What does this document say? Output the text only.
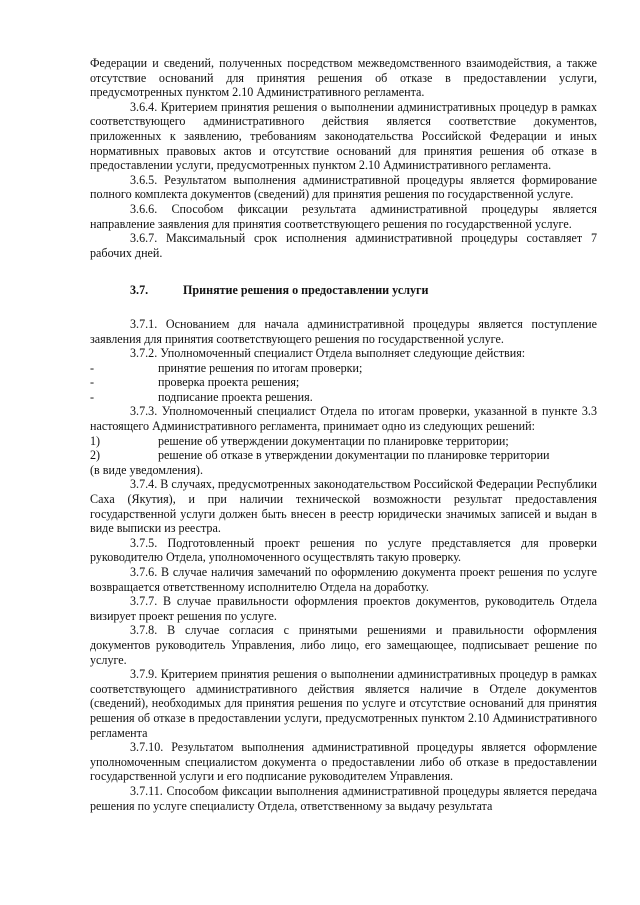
Федерации и сведений, полученных посредством межведомственного взаимодействия, а также отсутствие оснований для принятия решения об отказе в предоставлении услуги, предусмотренных пунктом 2.10 Административного регламента.

3.6.4. Критерием принятия решения о выполнении административных процедур в рамках соответствующего административного действия является соответствие документов, приложенных к заявлению, требованиям законодательства Российской Федерации и иных нормативных правовых актов и отсутствие оснований для принятия решения об отказе в предоставлении услуги, предусмотренных пунктом 2.10 Административного регламента.

3.6.5. Результатом выполнения административной процедуры является формирование полного комплекта документов (сведений) для принятия решения по государственной услуге.

3.6.6. Способом фиксации результата административной процедуры является направление заявления для принятия соответствующего решения по государственной услуге.

3.6.7. Максимальный срок исполнения административной процедуры составляет 7 рабочих дней.

3.7.	Принятие решения о предоставлении услуги

3.7.1. Основанием для начала административной процедуры является поступление заявления для принятия соответствующего решения по государственной услуге.

3.7.2. Уполномоченный специалист Отдела выполняет следующие действия:

-	принятие решения по итогам проверки;
-	проверка проекта решения;
-	подписание проекта решения.

3.7.3. Уполномоченный специалист Отдела по итогам проверки, указанной в пункте 3.3 настоящего Административного регламента, принимает одно из следующих решений:

1)	решение об утверждении документации по планировке территории;
2)	решение об отказе в утверждении документации по планировке территории

(в виде уведомления).

3.7.4. В случаях, предусмотренных законодательством Российской Федерации Республики Саха (Якутия), и при наличии технической возможности результат предоставления государственной услуги должен быть внесен в реестр юридически значимых записей и выдан в виде выписки из реестра.

3.7.5. Подготовленный проект решения по услуге представляется для проверки руководителю Отдела, уполномоченного осуществлять такую проверку.

3.7.6. В случае наличия замечаний по оформлению документа проект решения по услуге возвращается ответственному исполнителю Отдела на доработку.

3.7.7. В случае правильности оформления проектов документов, руководитель Отдела визирует проект решения по услуге.

3.7.8. В случае согласия с принятыми решениями и правильности оформления документов руководитель Управления, либо лицо, его замещающее, подписывает решение по услуге.

3.7.9. Критерием принятия решения о выполнении административных процедур в рамках соответствующего административного действия является наличие в Отделе документов (сведений), необходимых для принятия решения по услуге и отсутствие оснований для принятия решения об отказе в предоставлении услуги, предусмотренных пунктом 2.10 Административного регламента

3.7.10. Результатом выполнения административной процедуры является оформление уполномоченным специалистом документа о предоставлении либо об отказе в предоставлении государственной услуги и его подписание руководителем Управления.

3.7.11. Способом фиксации выполнения административной процедуры является передача решения по услуге специалисту Отдела, ответственному за выдачу результата
